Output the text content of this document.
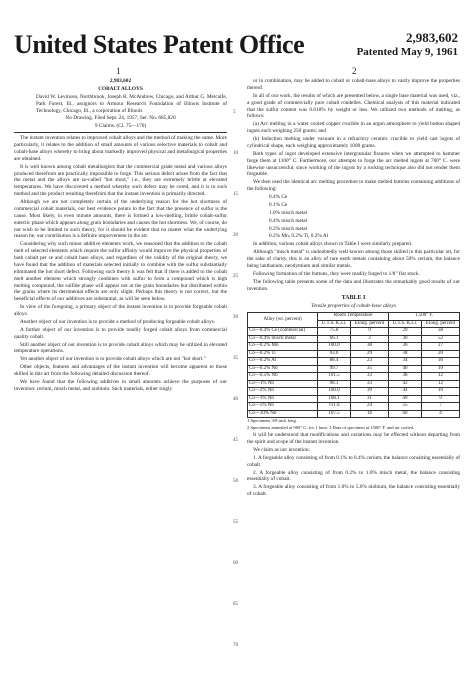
United States Patent Office	2,983,602
Patented May 9, 1961
1	2
5
10
15
20
25
30
35
40
45
50
55
60
65
70

2,983,602

COBALT ALLOYS

David W. Levinson, Northbrook, Joseph R. McAndrew, Chicago, and Arthur G. Metcalfe, Park Forest, Ill., assignors to Armour Research Foundation of Illinois Institute of Technology, Chicago, Ill., a corporation of Illinois

No Drawing. Filed Sept. 24, 1957, Ser. No. 685,820

9 Claims. (Cl. 75—170)

The instant invention relates to improved cobalt alloys and the method of making the same. More particularly, it relates to the addition of small amounts of various selective materials to cobalt and cobalt-base alloys whereby to bring about markedly improved physical and metallurgical properties are obtained.

It is well known among cobalt metallurgists that the commercial grade metal and various alloys produced therefrom are practically impossible to forge. This serious defect arises from the fact that the metal and the alloys are so-called "hot short," i.e., they are extremely brittle at elevated temperatures. We have discovered a method whereby such defect may be cured, and it is to such method and the product resulting therefrom that the instant invention is primarily directed.

Although we are not completely certain of the underlying reason for the hot shortness of commercial cobalt materials, our best evidence points to the fact that the presence of sulfur is the cause. Most likely, in even minute amounts, there is formed a low-melting, brittle cobalt-sulfur eutectic phase which appears along grain boundaries and causes the hot shortness. We, of course, do not wish to be limited to such theory, for it should be evident that no matter what the underlying reason be, our contribution is a definite improvement in the art.

Considering why such minor additive elements work, we reasoned that the addition to the cobalt melt of selected elements which require the sulfur affinity would improve the physical properties of both cobalt per se and cobalt base alloys, and regardless of the validity of the original theory, we have found that the addition of materials selected initially to combine with the sulfur substantially eliminated the hot short defect. Following such theory it was felt that if there is added to the cobalt melt another element which strongly combines with sulfur to form a compound which is high melting compound, the sulfide phase will appear not at the grain boundaries but distributed within the grains where its detrimental effects are only slight. Perhaps this theory is not correct, but the beneficial effects of our additives are substantial, as will be seen below.

In view of the foregoing, a primary object of the instant invention is to provide forgeable cobalt alloys.

Another object of our invention is to provide a method of producing forgeable cobalt alloys.

A further object of our invention is to provide readily forged cobalt alloys from commercial quality cobalt.

Still another object of our invention is to provide cobalt alloys which may be utilized in elevated temperature operations.

Yet another object of our invention is to provide cobalt alloys which are not "hot short."

Other objects, features and advantages of the instant invention will become apparent to those skilled in this art from the following detailed discussion thereof.

We have found that the following additives in small amounts achieve the purposes of our invention: cerium, misch metal, and niobium. Such materials, either singly

or in combination, may be added to cobalt or cobalt-base alloys to vastly improve the properties thereof.

In all of our work, the results of which are presented below, a single base material was used, viz., a good grade of commercially pure cobalt rondelles. Chemical analysis of this material indicated that the sulfur content was 0.018% by weight or less. We utilized two methods of melting, as follows:

(a) Arc melting in a water cooled copper crucible in an argon atmosphere to yield button shaped ingots each weighing 250 grams; and

(b) Induction melting under vacuum in a refractory ceramic crucible to yield cast ingots of cylindrical shape, each weighing approximately 1000 grams.

Both types of ingot developed extensive intergranular fissures when we attempted to hammer forge them at 1100° C. Furthermore, our attempts to forge the arc melted ingots at 700° C. were likewise unsuccessful, since working of the ingots by a rocking technique also did not render them forgeable.

We then used the identical arc melting procedure to make melted buttons containing additions of the following:

0.4% Ce

0.1% Ce

1.0% misch metal

0.4% misch metal

0.2% misch metal

0.2% Mn, 0.2% Ti, 0.2% Al

In addition, various cobalt alloys shown in Table I were similarly prepared.

Although "misch metal" is undoubtedly well known among those skilled in this particular art, for the sake of clarity, this is an alloy of rare earth metals containing about 50% cerium, the balance being lanthanum, neodymium and similar metals.

Following formation of the buttons, they were readily forged to 1/8" flat stock.

The following table presents some of the data and illustrates the remarkably good results of our invention.

TABLE I
Tensile properties of cobalt-base alloys
Alloy (wt. percent)	Room Temperature		1,500° F.	
	U.T.S. K.s.i.	Elong. percent	U.T.S. K.s.i.	Elong. percent
Co—0.4% Ce (commercial)	75.8	9	29	38
Co—0.4% misch metal	66.1	3	30	52
Co—0.2% Mn	100.0	38	36	27
Co—0.2% Ti	93.0	29	38	20
Co—0.2% Al	88.4	23	34	36
Co—0.2% Nb	99.7	35	40	10
Co—0.5% Nb	101.5	33	38	12
Co—1% Nb	98.1	33	42	12
Co—2% Nb	100.0	39	44	10
Co—3% Nb	108.1	31	49	9
Co—5% Nb	111.0	24	55	7
Co—10% Nb	107.5	18	60	4

1 Specimens 3/8 inch long.

2 Specimens annealed at 900° C. for 1 hour. 3 Data of specimen at 1500° F. and air cooled.

It will be understood that modifications and variations may be effected without departing from the spirit and scope of the instant invention.

We claim as our invention:

1. A forgeable alloy consisting of from 0.1% to 0.4% cerium, the balance consisting essentially of cobalt.

2. A forgeable alloy consisting of from 0.2% to 1.0% misch metal, the balance consisting essentially of cobalt.

3. A forgeable alloy consisting of from 1.0% to 5.0% niobium, the balance consisting essentially of cobalt.
